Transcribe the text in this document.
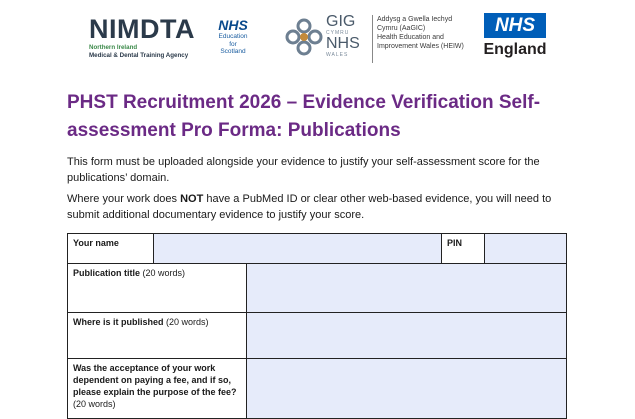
NIMDTA
Northern Ireland
Medical & Dental Training Agency
NHS
Education
for
Scotland
GIG
CYMRU
NHS
WALES
Addysg a Gwella Iechyd
Cymru (AaGIC)
Health Education and
Improvement Wales (HEIW)
NHS
England
PHST Recruitment 2026 – Evidence Verification Self-assessment Pro Forma: Publications

This form must be uploaded alongside your evidence to justify your self-assessment score for the publications’ domain.

Where your work does NOT have a PubMed ID or clear other web-based evidence, you will need to submit additional documentary evidence to justify your score.

Your name			PIN	
Publication title (20 words)				
Where is it published (20 words)				
Was the acceptance of your work dependent on paying a fee, and if so, please explain the purpose of the fee? (20 words)				
